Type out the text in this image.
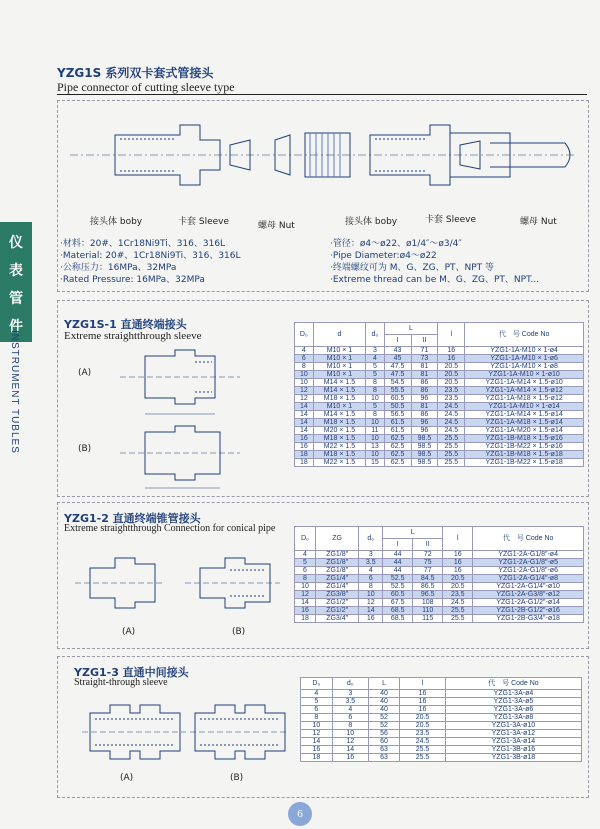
仪
表
管
件
INSTRUMENT TUBLES
YZG1S 系列双卡套式管接头
Pipe connector of cutting sleeve type
接头体 boby	卡套 Sleeve	螺母 Nut	接头体 boby	卡套 Sleeve	螺母 Nut
·材料：20#、1Cr18Ni9Ti、316、316L
·Material: 20#、1Cr18Ni9Ti、316、316L
·公称压力：16MPa、32MPa
·Rated Pressure: 16MPa、32MPa
·管径：ø4～ø22、ø1/4″～ø3/4″
·Pipe Diameter:ø4～ø22
·终端螺纹可为 M、G、ZG、PT、NPT 等
·Extreme thread can be M、G、ZG、PT、NPT...
YZG1S-1 直通终端接头
Extreme straightthrough sleeve
(A)
(B)
D₀	d	d₀	L		l	代　号 Code No
			I	II		
4	M10 × 1	3	43	71	16	YZG1-1A-M10 × 1-ø4
6	M10 × 1	4	45	73	16	YZG1-1A-M10 × 1-ø6
8	M10 × 1	5	47.5	81	20.5	YZG1-1A-M10 × 1-ø8
10	M10 × 1	5	47.5	81	20.5	YZG1-1A-M10 × 1-ø10
10	M14 × 1.5	8	54.5	86	20.5	YZG1-1A-M14 × 1.5-ø10
12	M14 × 1.5	8	55.5	86	23.5	YZG1-1A-M14 × 1.5-ø12
12	M18 × 1.5	10	60.5	96	23.5	YZG1-1A-M18 × 1.5-ø12
14	M10 × 1	5	50.5	81	24.5	YZG1-1A-M10 × 1-ø14
14	M14 × 1.5	8	56.5	86	24.5	YZG1-1A-M14 × 1.5-ø14
14	M18 × 1.5	10	61.5	96	24.5	YZG1-1A-M18 × 1.5-ø14
14	M20 × 1.5	11	61.5	96	24.5	YZG1-1A-M20 × 1.5-ø14
16	M18 × 1.5	10	62.5	98.5	25.5	YZG1-1B-M18 × 1.5-ø16
16	M22 × 1.5	13	62.5	98.5	25.5	YZG1-1B-M22 × 1.5-ø16
18	M18 × 1.5	10	62.5	98.5	25.5	YZG1-1B-M18 × 1.5-ø18
18	M22 × 1.5	15	62.5	98.5	25.5	YZG1-1B-M22 × 1.5-ø18
YZG1-2 直通终端锥管接头
Extreme straightthrough Connection for conical pipe
(A)	(B)
D₀	ZG	d₀	L		l	代　号 Code No
			I	II		
4	ZG1/8″	3	44	72	16	YZG1-2A-G1/8″-ø4
5	ZG1/8″	3.5	44	75	16	YZG1-2A-G1/8″-ø5
6	ZG1/8″	4	44	77	16	YZG1-2A-G1/8″-ø6
8	ZG1/4″	6	52.5	84.5	20.5	YZG1-2A-G1/4″-ø8
10	ZG1/4″	8	52.5	86.5	20.5	YZG1-2A-G1/4″-ø10
12	ZG3/8″	10	60.5	96.5	23.5	YZG1-2A-G3/8″-ø12
14	ZG1/2″	12	67.5	108	24.5	YZG1-2A-G1/2″-ø14
16	ZG1/2″	14	68.5	110	25.5	YZG1-2B-G1/2″-ø16
18	ZG3/4″	16	68.5	115	25.5	YZG1-2B-G3/4″-ø18
YZG1-3 直通中间接头
Straight-through sleeve
(A)	(B)
D₀	d₀	L	l	代　号 Code No
4	3	40	16	YZG1-3A-ø4
5	3.5	40	16	YZG1-3A-ø5
6	4	40	16	YZG1-3A-ø6
8	6	52	20.5	YZG1-3A-ø8
10	8	52	20.5	YZG1-3A-ø10
12	10	56	23.5	YZG1-3A-ø12
14	12	60	24.5	YZG1-3A-ø14
16	14	63	25.5	YZG1-3B-ø16
18	16	63	25.5	YZG1-3B-ø18
6
